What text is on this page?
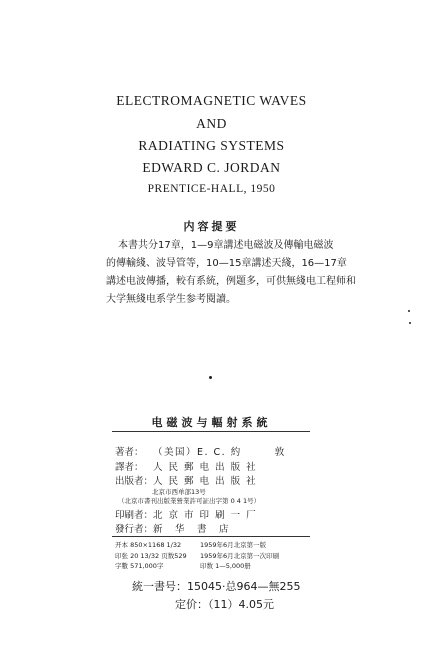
ELECTROMAGNETIC WAVES
AND
RADIATING SYSTEMS
EDWARD C. JORDAN
PRENTICE-HALL, 1950
内容提要
本書共分17章，1—9章講述电磁波及傳輸电磁波
的傳輸綫、波导管等，10—15章講述天綫，16—17章
講述电波傳播，較有系統，例题多，可供無綫电工程师和
大学無綫电系学生参考閱讀。
电磁波与輻射系統
著者： （美国）E. C. 約　　　敦
譯者： 人 民 郵 电 出 版 社
出版者：人 民 郵 电 出 版 社
北京市西单部13号
（北京市書刊出版業營業許可証出字第 0 4 1号）
印刷者：北 京 市 印 刷 一 厂
發行者：新　华　書　店
开本 850×1168 1/32
印张 20 13/32 页数529
字數 571,000字
1959年6月北京第一版
1959年6月北京第一次印刷
印数 1—5,000册
統一書号：15045·总964—無255
定价：（11）4.05元
